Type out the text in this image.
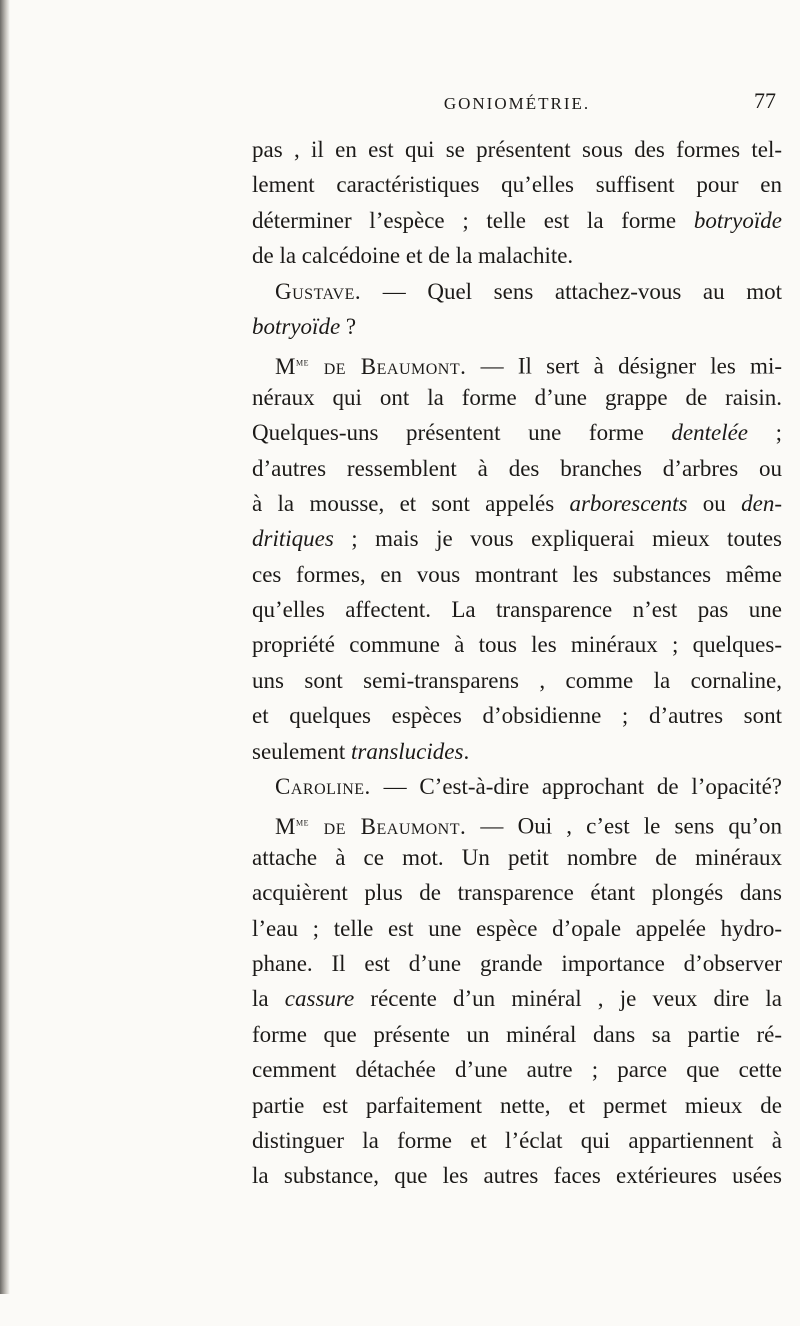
GONIOMÉTRIE.	77
pas , il en est qui se présentent sous des formes tel-
lement caractéristiques qu’elles suffisent pour en
déterminer l’espèce ; telle est la forme botryoïde
de la calcédoine et de la malachite.
 Gustave. — Quel sens attachez-vous au mot
botryoïde ?
 $M^{me}$ de Beaumont. — Il sert à désigner les mi-
néraux qui ont la forme d’une grappe de raisin.
Quelques-uns présentent une forme dentelée ;
d’autres ressemblent à des branches d’arbres ou
à la mousse, et sont appelés arborescents ou den-
dritiques ; mais je vous expliquerai mieux toutes
ces formes, en vous montrant les substances même
qu’elles affectent. La transparence n’est pas une
propriété commune à tous les minéraux ; quelques-
uns sont semi-transparens , comme la cornaline,
et quelques espèces d’obsidienne ; d’autres sont
seulement translucides.
 Caroline. — C’est-à-dire approchant de l’opacité?
 $M^{me}$ de Beaumont. — Oui , c’est le sens qu’on
attache à ce mot. Un petit nombre de minéraux
acquièrent plus de transparence étant plongés dans
l’eau ; telle est une espèce d’opale appelée hydro-
phane. Il est d’une grande importance d’observer
la cassure récente d’un minéral , je veux dire la
forme que présente un minéral dans sa partie ré-
cemment détachée d’une autre ; parce que cette
partie est parfaitement nette, et permet mieux de
distinguer la forme et l’éclat qui appartiennent à
la substance, que les autres faces extérieures usées
